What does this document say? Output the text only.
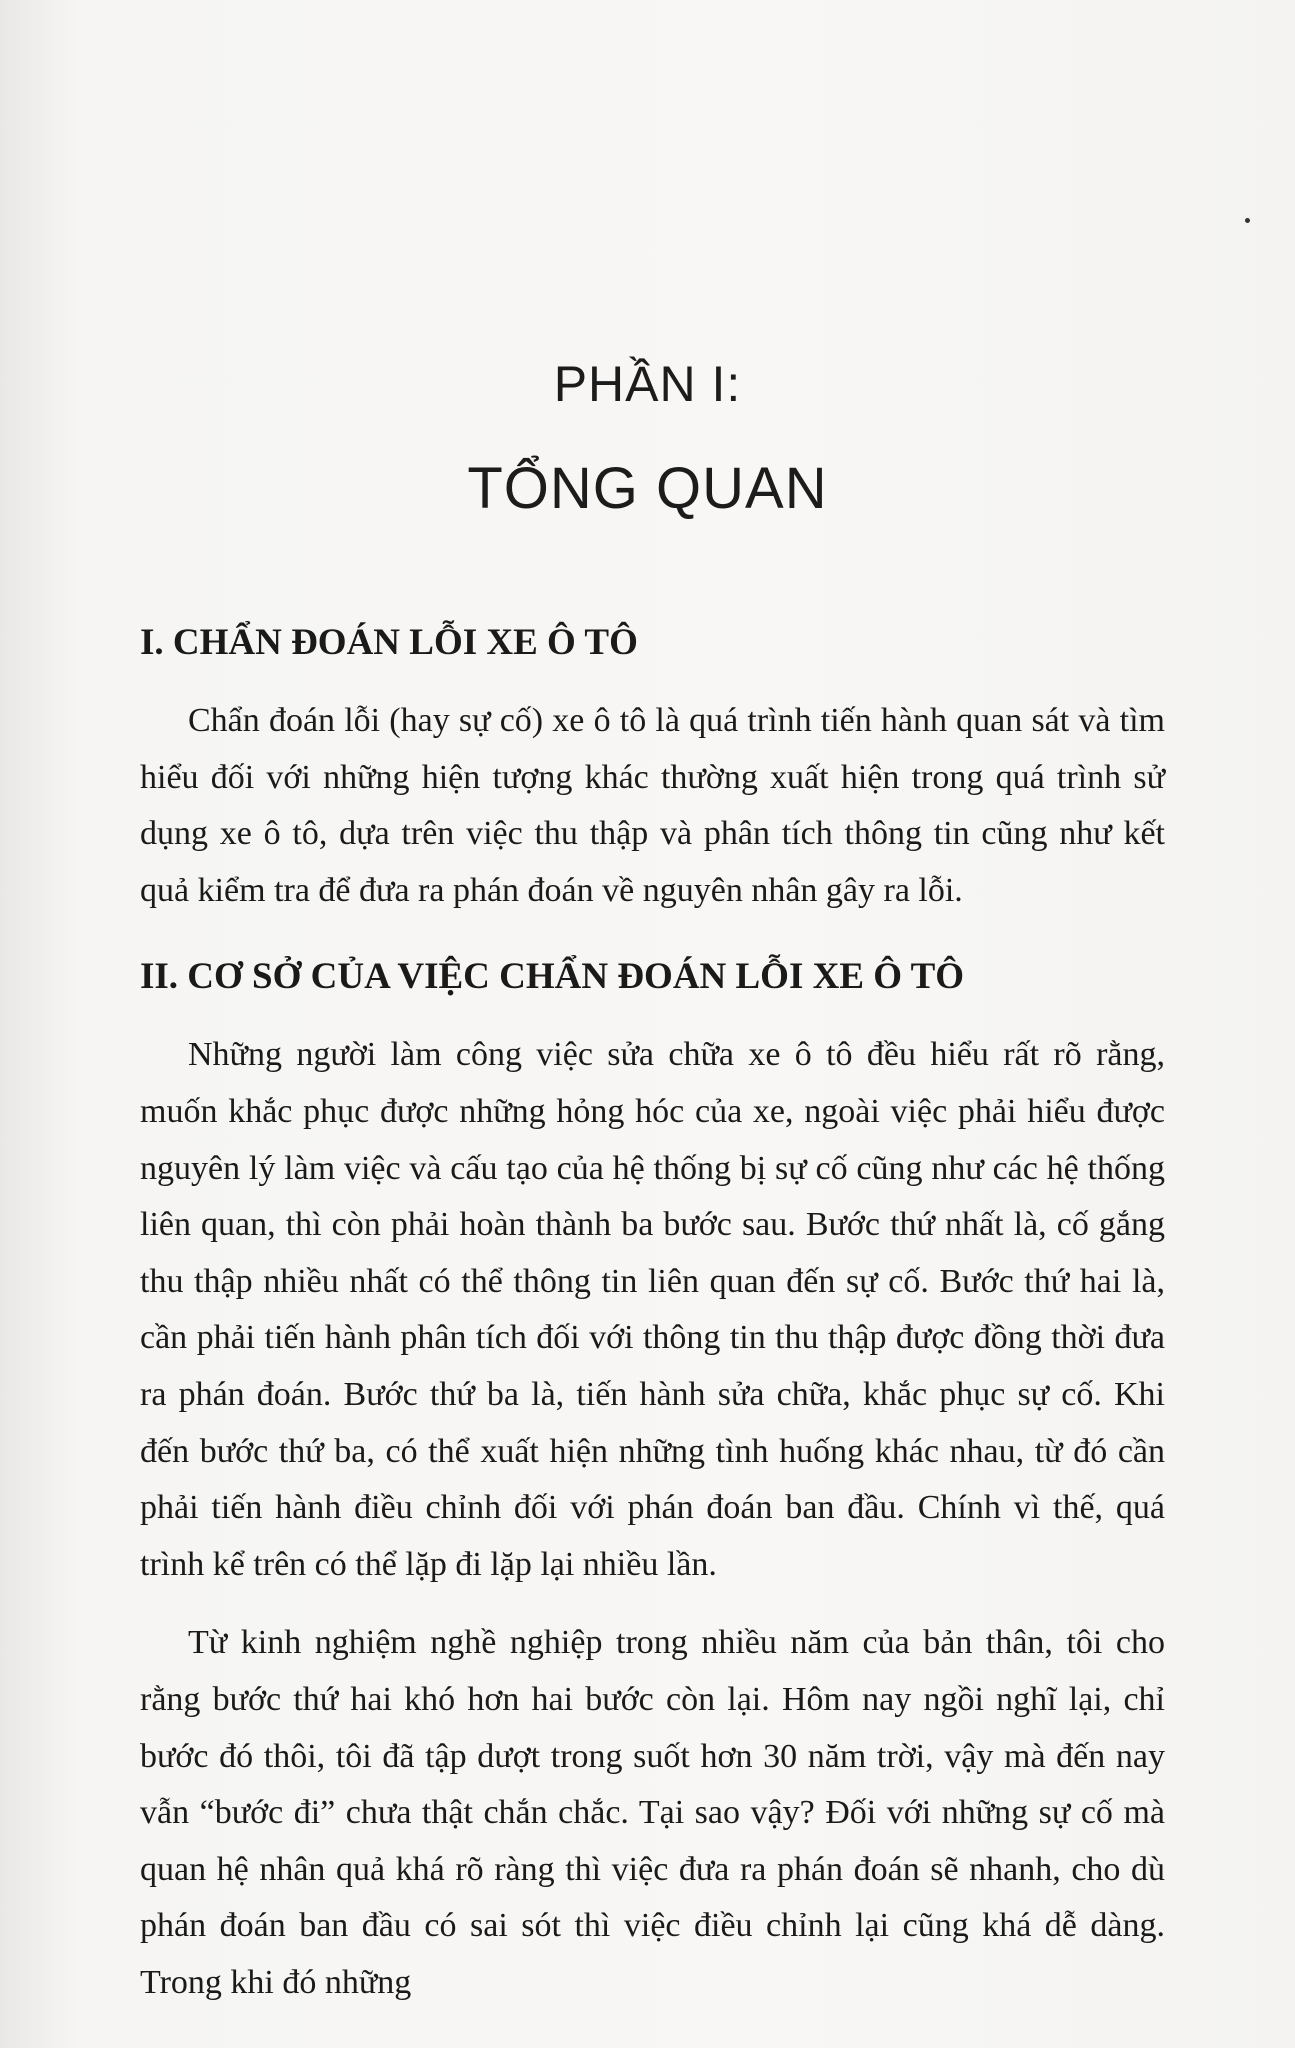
PHẦN I:
TỔNG QUAN
I. CHẨN ĐOÁN LỖI XE Ô TÔ

Chẩn đoán lỗi (hay sự cố) xe ô tô là quá trình tiến hành quan sát và tìm hiểu đối với những hiện tượng khác thường xuất hiện trong quá trình sử dụng xe ô tô, dựa trên việc thu thập và phân tích thông tin cũng như kết quả kiểm tra để đưa ra phán đoán về nguyên nhân gây ra lỗi.

II. CƠ SỞ CỦA VIỆC CHẨN ĐOÁN LỖI XE Ô TÔ

Những người làm công việc sửa chữa xe ô tô đều hiểu rất rõ rằng, muốn khắc phục được những hỏng hóc của xe, ngoài việc phải hiểu được nguyên lý làm việc và cấu tạo của hệ thống bị sự cố cũng như các hệ thống liên quan, thì còn phải hoàn thành ba bước sau. Bước thứ nhất là, cố gắng thu thập nhiều nhất có thể thông tin liên quan đến sự cố. Bước thứ hai là, cần phải tiến hành phân tích đối với thông tin thu thập được đồng thời đưa ra phán đoán. Bước thứ ba là, tiến hành sửa chữa, khắc phục sự cố. Khi đến bước thứ ba, có thể xuất hiện những tình huống khác nhau, từ đó cần phải tiến hành điều chỉnh đối với phán đoán ban đầu. Chính vì thế, quá trình kể trên có thể lặp đi lặp lại nhiều lần.

Từ kinh nghiệm nghề nghiệp trong nhiều năm của bản thân, tôi cho rằng bước thứ hai khó hơn hai bước còn lại. Hôm nay ngồi nghĩ lại, chỉ bước đó thôi, tôi đã tập dượt trong suốt hơn 30 năm trời, vậy mà đến nay vẫn “bước đi” chưa thật chắn chắc. Tại sao vậy? Đối với những sự cố mà quan hệ nhân quả khá rõ ràng thì việc đưa ra phán đoán sẽ nhanh, cho dù phán đoán ban đầu có sai sót thì việc điều chỉnh lại cũng khá dễ dàng. Trong khi đó những
